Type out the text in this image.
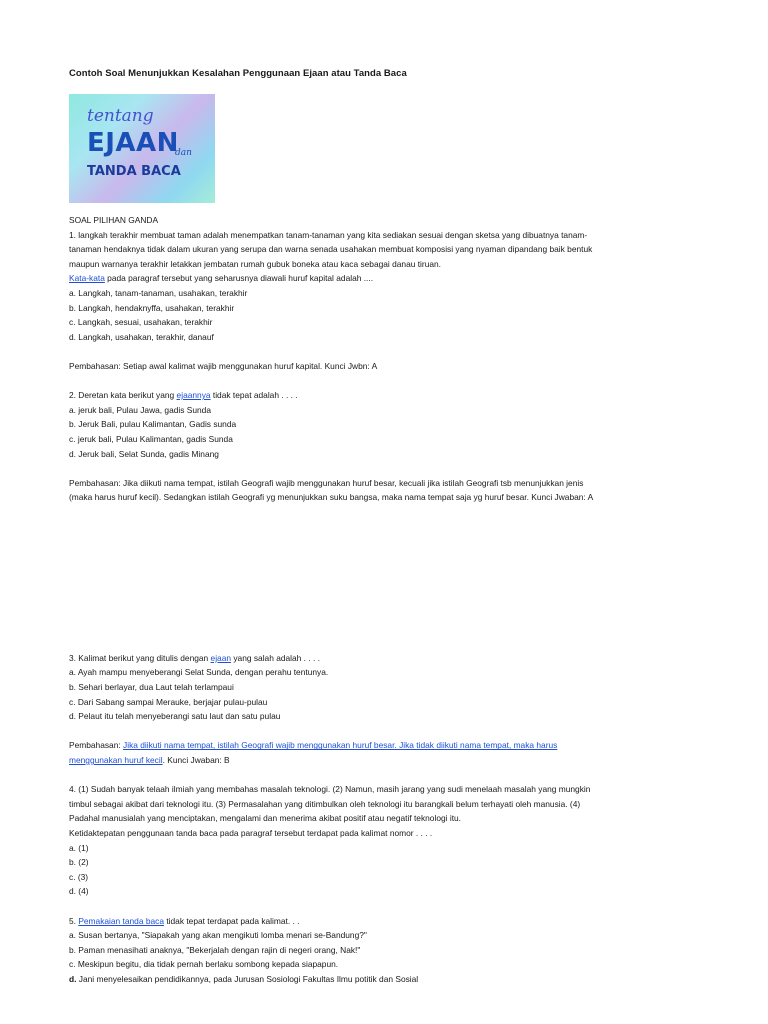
Contoh Soal Menunjukkan Kesalahan Penggunaan Ejaan atau Tanda Baca
tentang
EJAAN
dan
TANDA BACA
SOAL PILIHAN GANDA
1. langkah terakhir membuat taman adalah menempatkan tanam-tanaman yang kita sediakan sesuai dengan sketsa yang dibuatnya tanam-
tanaman hendaknya tidak dalam ukuran yang serupa dan warna senada usahakan membuat komposisi yang nyaman dipandang baik bentuk
maupun warnanya terakhir letakkan jembatan rumah gubuk boneka atau kaca sebagai danau tiruan.
Kata-kata pada paragraf tersebut yang seharusnya diawali huruf kapital adalah ....
a. Langkah, tanam-tanaman, usahakan, terakhir
b. Langkah, hendaknyffa, usahakan, terakhir
c. Langkah, sesuai, usahakan, terakhir
d. Langkah, usahakan, terakhir, danauf
Pembahasan: Setiap awal kalimat wajib menggunakan huruf kapital. Kunci Jwbn: A
2. Deretan kata berikut yang ejaannya tidak tepat adalah . . . .
a. jeruk bali, Pulau Jawa, gadis Sunda
b. Jeruk Bali, pulau Kalimantan, Gadis sunda
c. jeruk bali, Pulau Kalimantan, gadis Sunda
d. Jeruk bali, Selat Sunda, gadis Minang
Pembahasan: Jika diikuti nama tempat, istilah Geografi wajib menggunakan huruf besar, kecuali jika istilah Geografi tsb menunjukkan jenis
(maka harus huruf kecil). Sedangkan istilah Geografi yg menunjukkan suku bangsa, maka nama tempat saja yg huruf besar. Kunci Jwaban: A
3. Kalimat berikut yang ditulis dengan ejaan yang salah adalah . . . .
a. Ayah mampu menyeberangi Selat Sunda, dengan perahu tentunya.
b. Sehari berlayar, dua Laut telah terlampaui
c. Dari Sabang sampai Merauke, berjajar pulau-pulau
d. Pelaut itu telah menyeberangi satu laut dan satu pulau
Pembahasan: Jika diikuti nama tempat, istilah Geografi wajib menggunakan huruf besar. Jika tidak diikuti nama tempat, maka harus
menggunakan huruf kecil. Kunci Jwaban: B
4. (1) Sudah banyak telaah ilmiah yang membahas masalah teknologi. (2) Namun, masih jarang yang sudi menelaah masalah yang mungkin
timbul sebagai akibat dari teknologi itu. (3) Permasalahan yang ditimbulkan oleh teknologi itu barangkali belum terhayati oleh manusia. (4)
Padahal manusialah yang menciptakan, mengalami dan menerima akibat positif atau negatif teknologi itu.
Ketidaktepatan penggunaan tanda baca pada paragraf tersebut terdapat pada kalimat nomor . . . .
a. (1)
b. (2)
c. (3)
d. (4)
5. Pemakaian tanda baca tidak tepat terdapat pada kalimat. . .
a. Susan bertanya, "Siapakah yang akan mengikuti lomba menari se-Bandung?"
b. Paman menasihati anaknya, "Bekerjalah dengan rajin di negeri orang, Nak!"
c. Meskipun begitu, dia tidak pernah berlaku sombong kepada siapapun.
d. Jani menyelesaikan pendidikannya, pada Jurusan Sosiologi Fakultas Ilmu potitik dan Sosial
